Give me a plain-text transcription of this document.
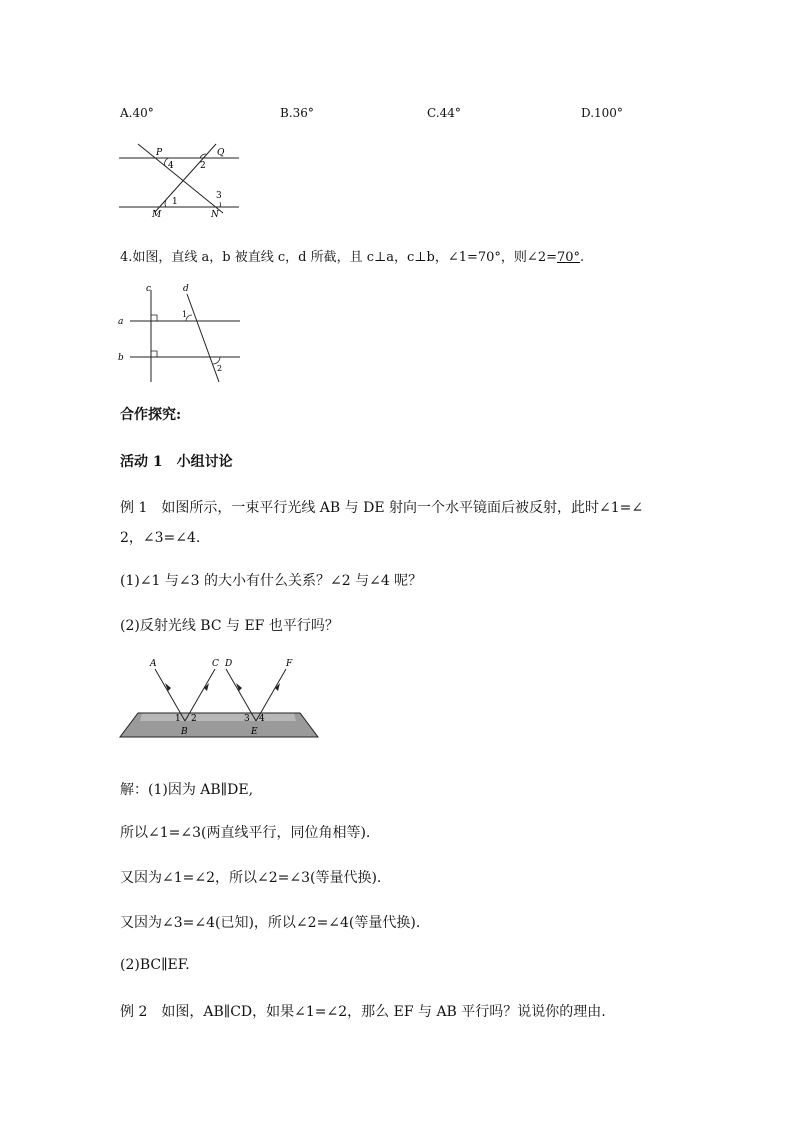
A.40°	B.36°	C.44°	D.100°
P	Q
4	2
3
1
M	N
4.如图，直线 a，b 被直线 c，d 所截，且 c⊥a，c⊥b，∠1=70°，则∠2=70°.
c	d
a
b
1
2
合作探究:
活动 1　小组讨论
例 1　如图所示，一束平行光线 AB 与 DE 射向一个水平镜面后被反射，此时∠1=∠
2，∠3=∠4.
(1)∠1 与∠3 的大小有什么关系？∠2 与∠4 呢？
(2)反射光线 BC 与 EF 也平行吗？
A	C D	F
1 2	3 4
B	E
解：(1)因为 AB∥DE,
所以∠1=∠3(两直线平行，同位角相等).
又因为∠1=∠2，所以∠2=∠3(等量代换).
又因为∠3=∠4(已知)，所以∠2=∠4(等量代换).
(2)BC∥EF.
例 2　如图，AB∥CD，如果∠1=∠2，那么 EF 与 AB 平行吗？说说你的理由.
